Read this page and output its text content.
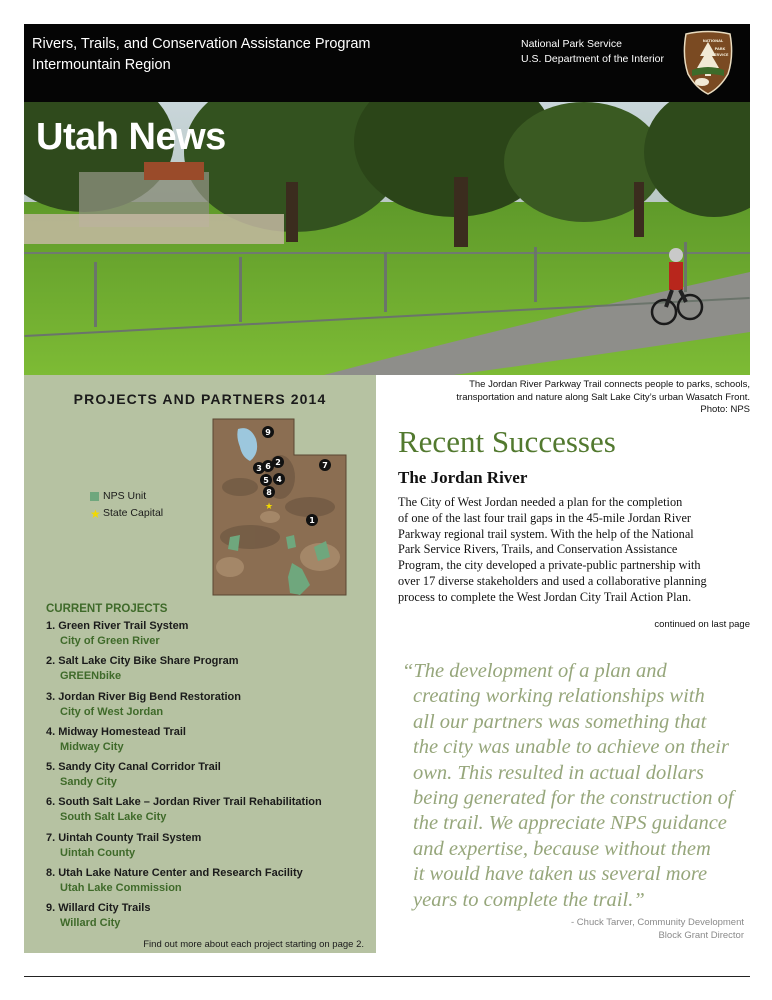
Rivers, Trails, and Conservation Assistance Program
Intermountain Region
National Park Service
U.S. Department of the Interior
NATIONAL
PARK
SERVICE
Utah News
PROJECTS AND PARTNERS 2014
NPS Unit
★ State Capital	★
9
3 6 2	7
5 4
8
1
CURRENT PROJECTS
1. Green River Trail System
City of Green River
2. Salt Lake City Bike Share Program
GREENbike
3. Jordan River Big Bend Restoration
City of West Jordan
4. Midway Homestead Trail
Midway City
5. Sandy City Canal Corridor Trail
Sandy City
6. South Salt Lake – Jordan River Trail Rehabilitation
South Salt Lake City
7. Uintah County Trail System
Uintah County
8. Utah Lake Nature Center and Research Facility
Utah Lake Commission
9. Willard City Trails
Willard City
Find out more about each project starting on page 2.
The Jordan River Parkway Trail connects people to parks, schools,
transportation and nature along Salt Lake City’s urban Wasatch Front.
Photo: NPS
Recent Successes
The Jordan River
The City of West Jordan needed a plan for the completion
of one of the last four trail gaps in the 45-mile Jordan River
Parkway regional trail system. With the help of the National
Park Service Rivers, Trails, and Conservation Assistance
Program, the city developed a private-public partnership with
over 17 diverse stakeholders and used a collaborative planning
process to complete the West Jordan City Trail Action Plan.
continued on last page
“The development of a plan and
creating working relationships with
all our partners was something that
the city was unable to achieve on their
own. This resulted in actual dollars
being generated for the construction of
the trail. We appreciate NPS guidance
and expertise, because without them
it would have taken us several more
years to complete the trail.”
- Chuck Tarver, Community Development
Block Grant Director
